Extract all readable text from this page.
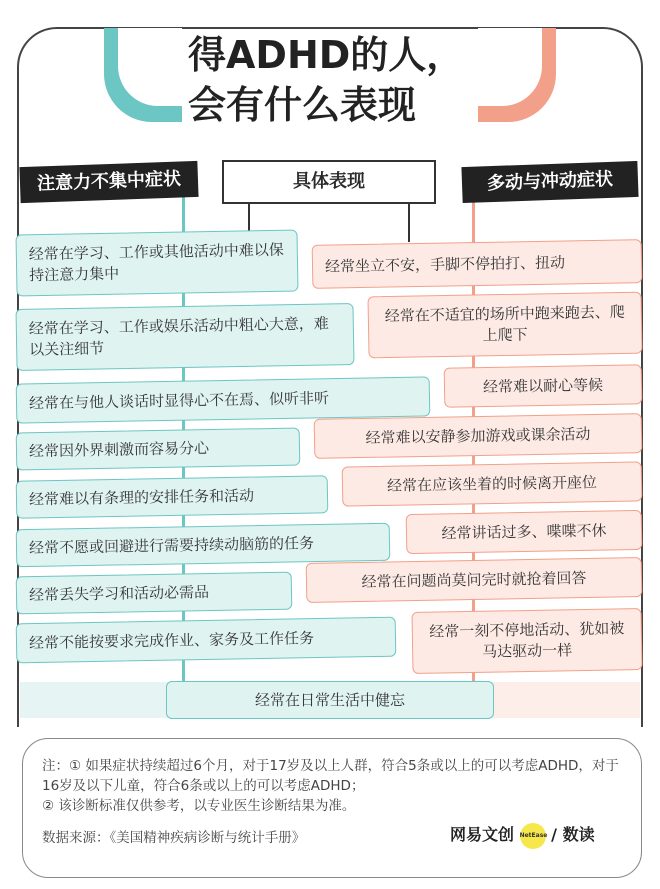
得ADHD的人，
会有什么表现
注意力不集中症状	多动与冲动症状
具体表现
经常在学习、工作或其他活动中难以保持注意力集中
经常在学习、工作或娱乐活动中粗心大意，难以关注细节
经常在与他人谈话时显得心不在焉、似听非听
经常因外界刺激而容易分心
经常难以有条理的安排任务和活动
经常不愿或回避进行需要持续动脑筋的任务
经常丢失学习和活动必需品
经常不能按要求完成作业、家务及工作任务
经常在日常生活中健忘
经常坐立不安，手脚不停拍打、扭动
经常在不适宜的场所中跑来跑去、爬上爬下
经常难以耐心等候
经常难以安静参加游戏或课余活动
经常在应该坐着的时候离开座位
经常讲话过多、喋喋不休
经常在问题尚莫问完时就抢着回答
经常一刻不停地活动、犹如被马达驱动一样
注：① 如果症状持续超过6个月，对于17岁及以上人群，符合5条或以上的可以考虑ADHD，对于16岁及以下儿童，符合6条或以上的可以考虑ADHD；
② 该诊断标准仅供参考，以专业医生诊断结果为准。
数据来源：《美国精神疾病诊断与统计手册》	网易文创 NetEase / 数读
